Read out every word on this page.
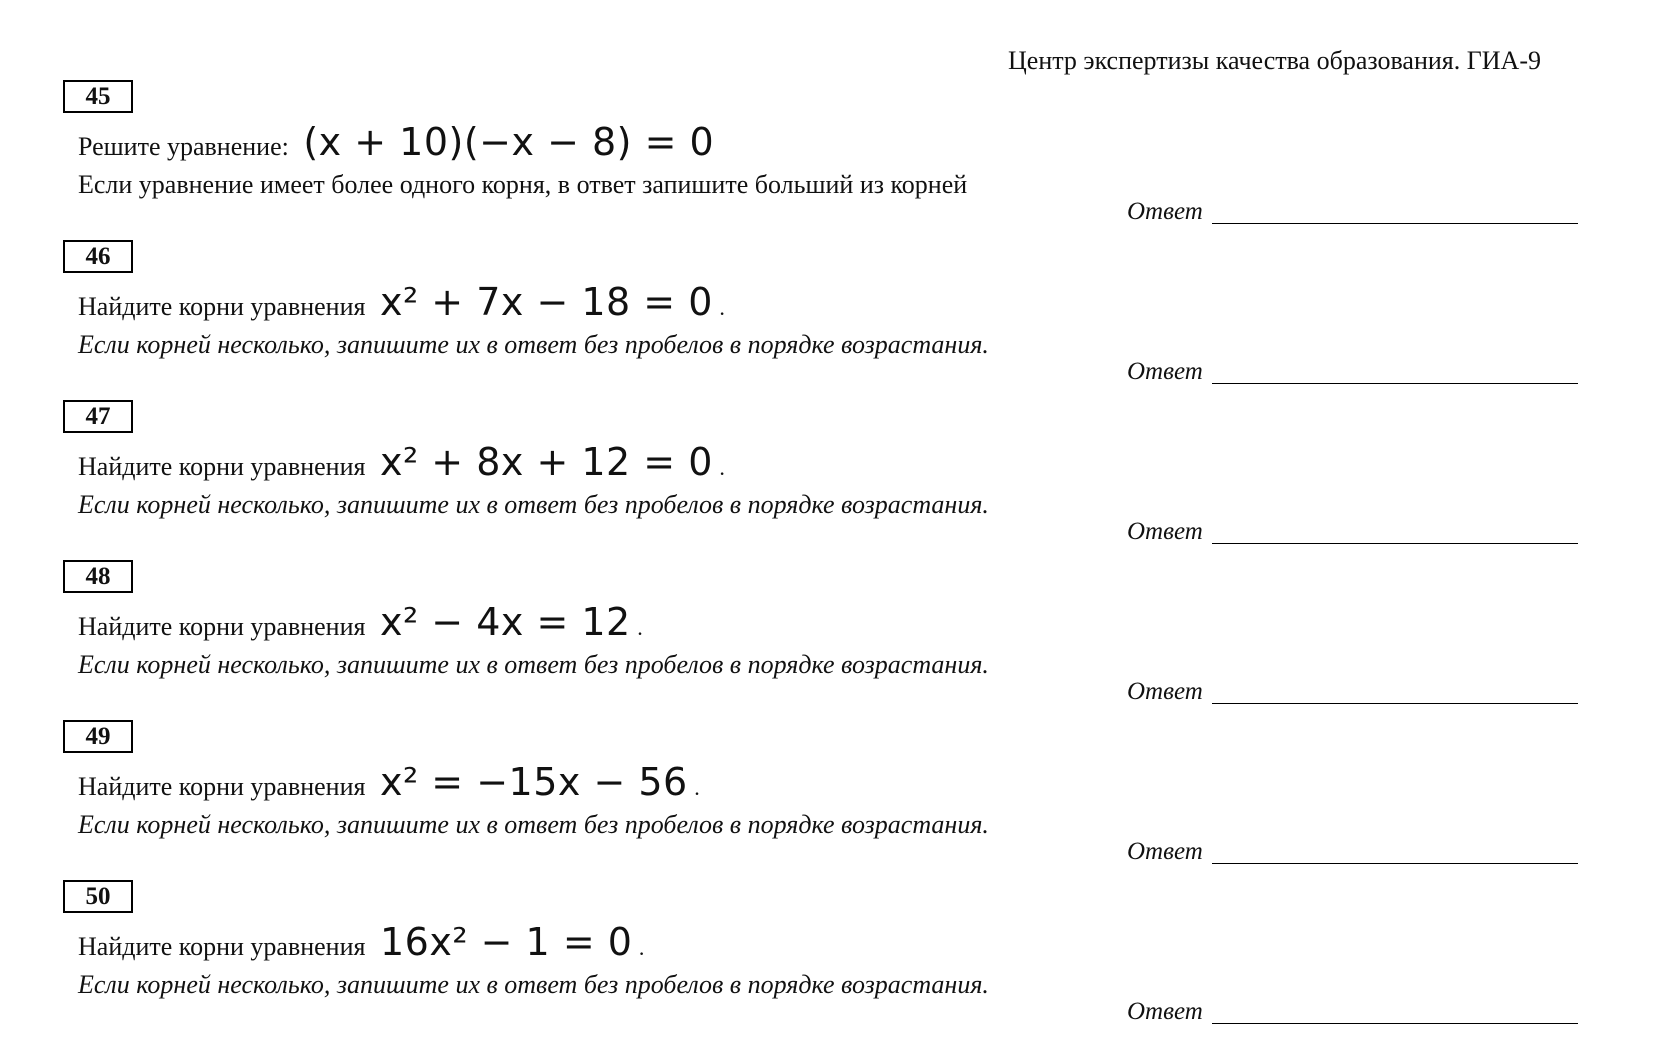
Центр экспертизы качества образования. ГИА-9
45
Решите уравнение: (x + 10)(−x − 8) = 0
Если уравнение имеет более одного корня, в ответ запишите больший из корней
Ответ
46
Найдите корни уравнения x² + 7x − 18 = 0 .
Если корней несколько, запишите их в ответ без пробелов в порядке возрастания.
Ответ
47
Найдите корни уравнения x² + 8x + 12 = 0 .
Если корней несколько, запишите их в ответ без пробелов в порядке возрастания.
Ответ
48
Найдите корни уравнения x² − 4x = 12 .
Если корней несколько, запишите их в ответ без пробелов в порядке возрастания.
Ответ
49
Найдите корни уравнения x² = −15x − 56 .
Если корней несколько, запишите их в ответ без пробелов в порядке возрастания.
Ответ
50
Найдите корни уравнения 16x² − 1 = 0 .
Если корней несколько, запишите их в ответ без пробелов в порядке возрастания.
Ответ
